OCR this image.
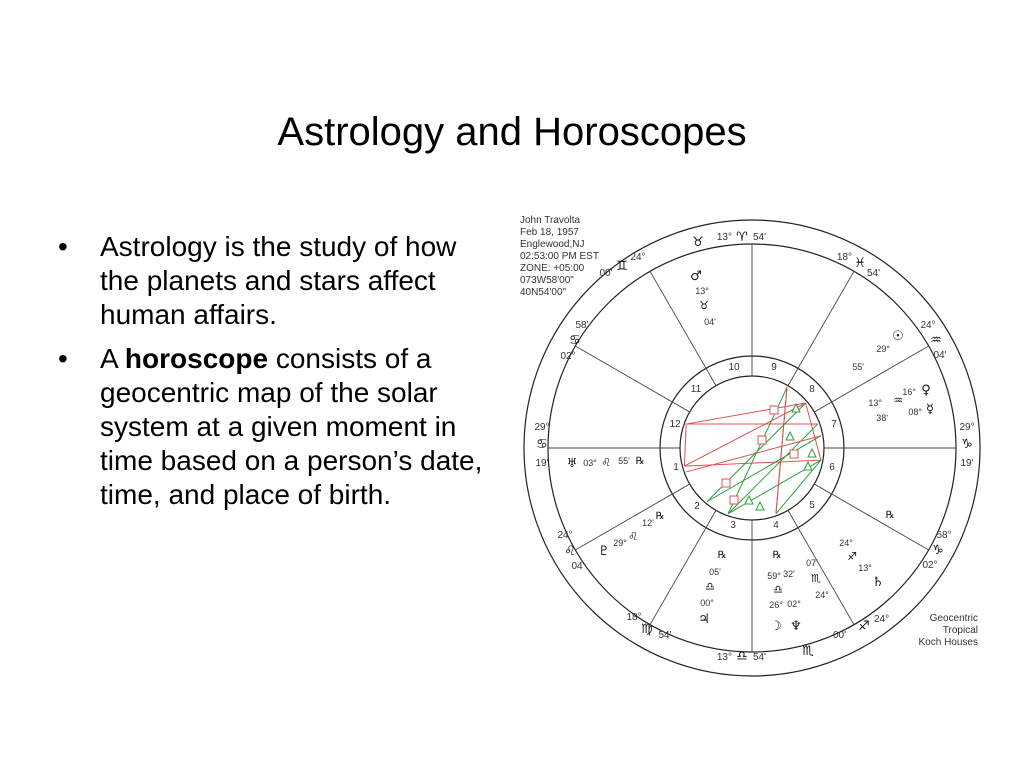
Astrology and Horoscopes
• Astrology is the study of how the planets and stars affect human affairs.
• A horoscope consists of a geocentric map of the solar system at a given moment in time based on a person’s date, time, and place of birth.
John Travolta
Feb 18, 1957
Englewood,NJ
02:53:00 PM EST
ZONE: +05:00
073W58'00"
40N54'00"
Geocentric
Tropical
Koch Houses
1
2
3	4
5
6
7
8
9
10
11
12
♉ 13° ♈ 54'
18° ♓
54'
24°
♒
04'
29°
♑
19'
58°
♑
02°
24°
♐
00'
13° ♎ 54'	♏
18°
♍ 54'
24°
♌
04'
29°
♋
19'
58'
♋
02°
24°
♊
00'	♂
13°
♉
04'
☉
29°
55'
16° ♀
♒
13°
08° ☿
38'
♅ 03° ♌ 55' ℞
♇
29° ♌
12'
℞
℞
05'
♎
00°
♃
℞
59° 32'
♎
☽
07'
♏
24°
26° 02°
♆
24°
♐
13°
♄
℞
